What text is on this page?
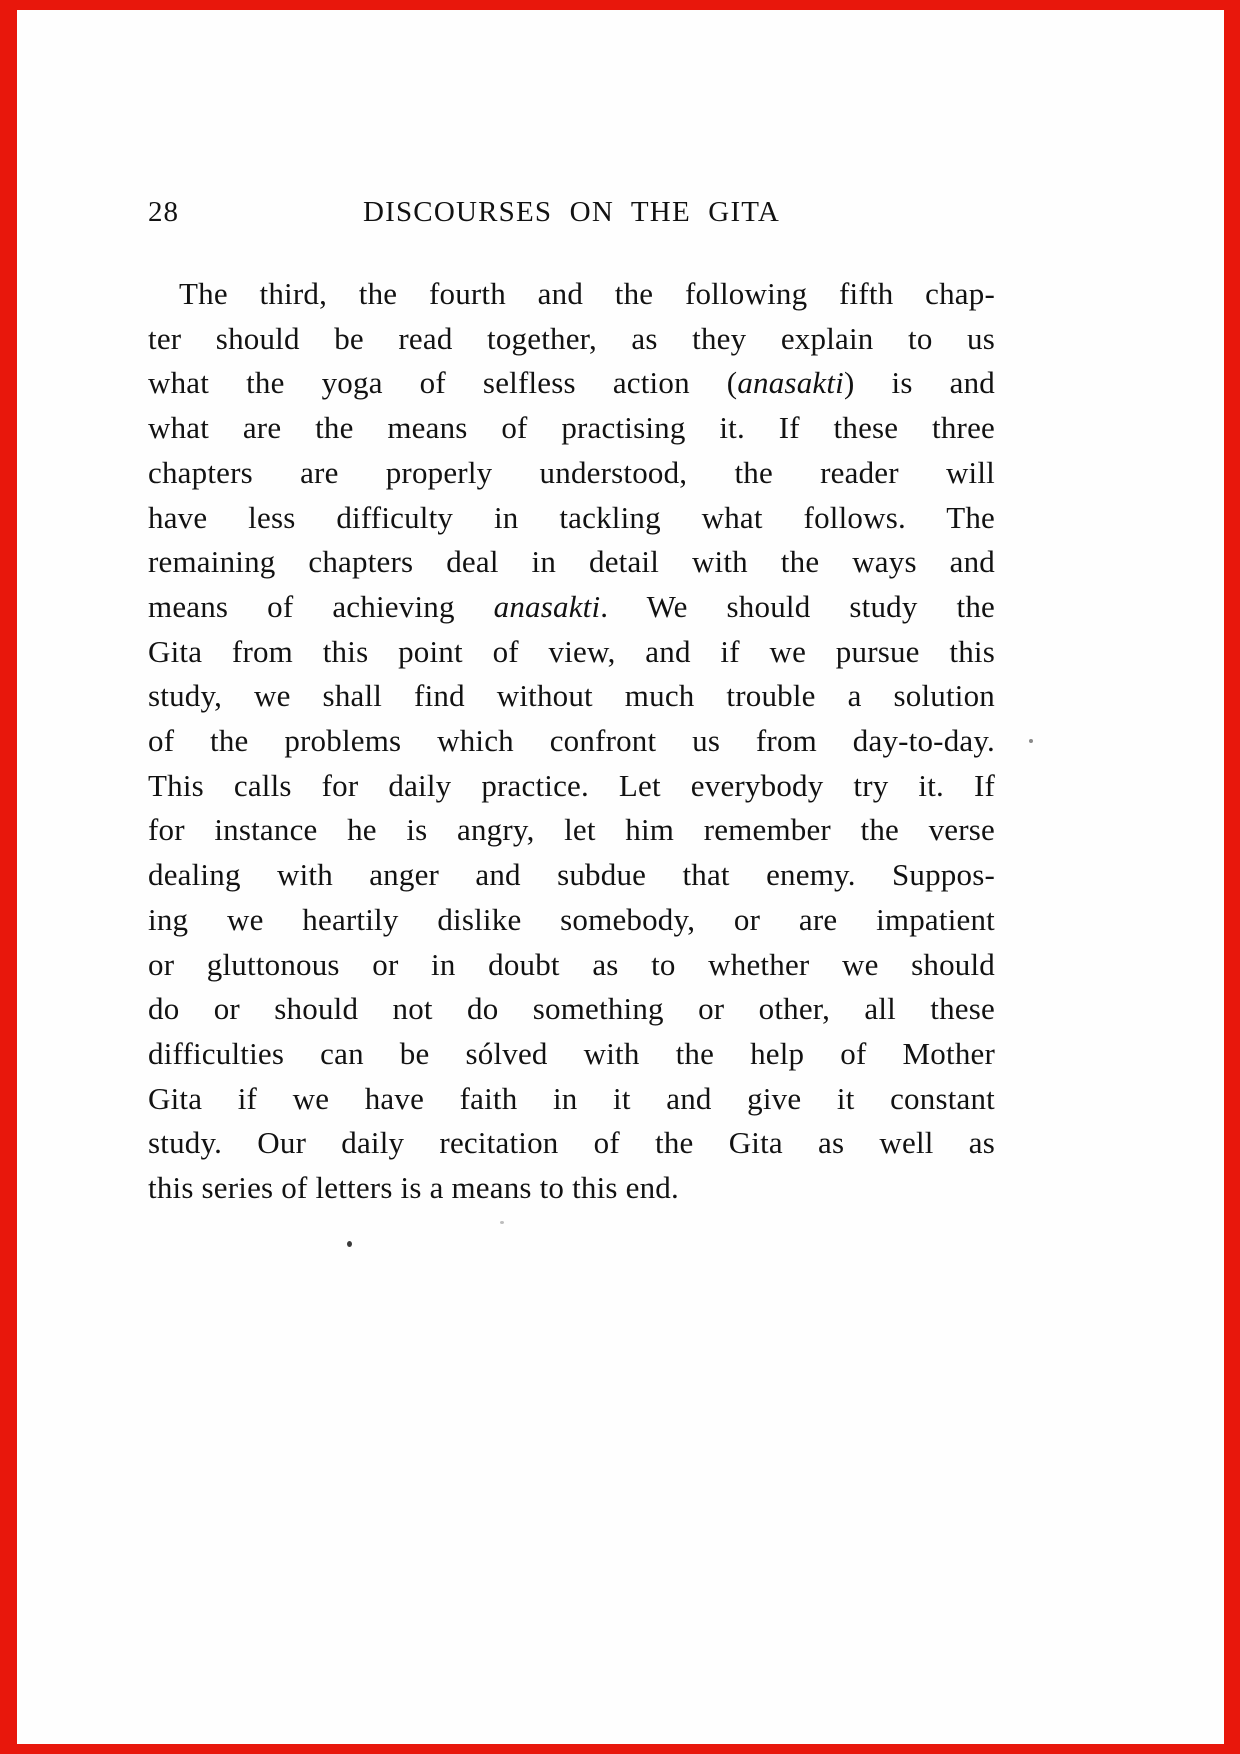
28	DISCOURSES ON THE GITA
The third, the fourth and the following fifth chap-
ter should be read together, as they explain to us
what the yoga of selfless action (anasakti) is and
what are the means of practising it. If these three
chapters are properly understood, the reader will
have less difficulty in tackling what follows. The
remaining chapters deal in detail with the ways and
means of achieving anasakti. We should study the
Gita from this point of view, and if we pursue this
study, we shall find without much trouble a solution
of the problems which confront us from day-to-day.
This calls for daily practice. Let everybody try it. If
for instance he is angry, let him remember the verse
dealing with anger and subdue that enemy. Suppos-
ing we heartily dislike somebody, or are impatient
or gluttonous or in doubt as to whether we should
do or should not do something or other, all these
difficulties can be sólved with the help of Mother
Gita if we have faith in it and give it constant
study. Our daily recitation of the Gita as well as
this series of letters is a means to this end.
